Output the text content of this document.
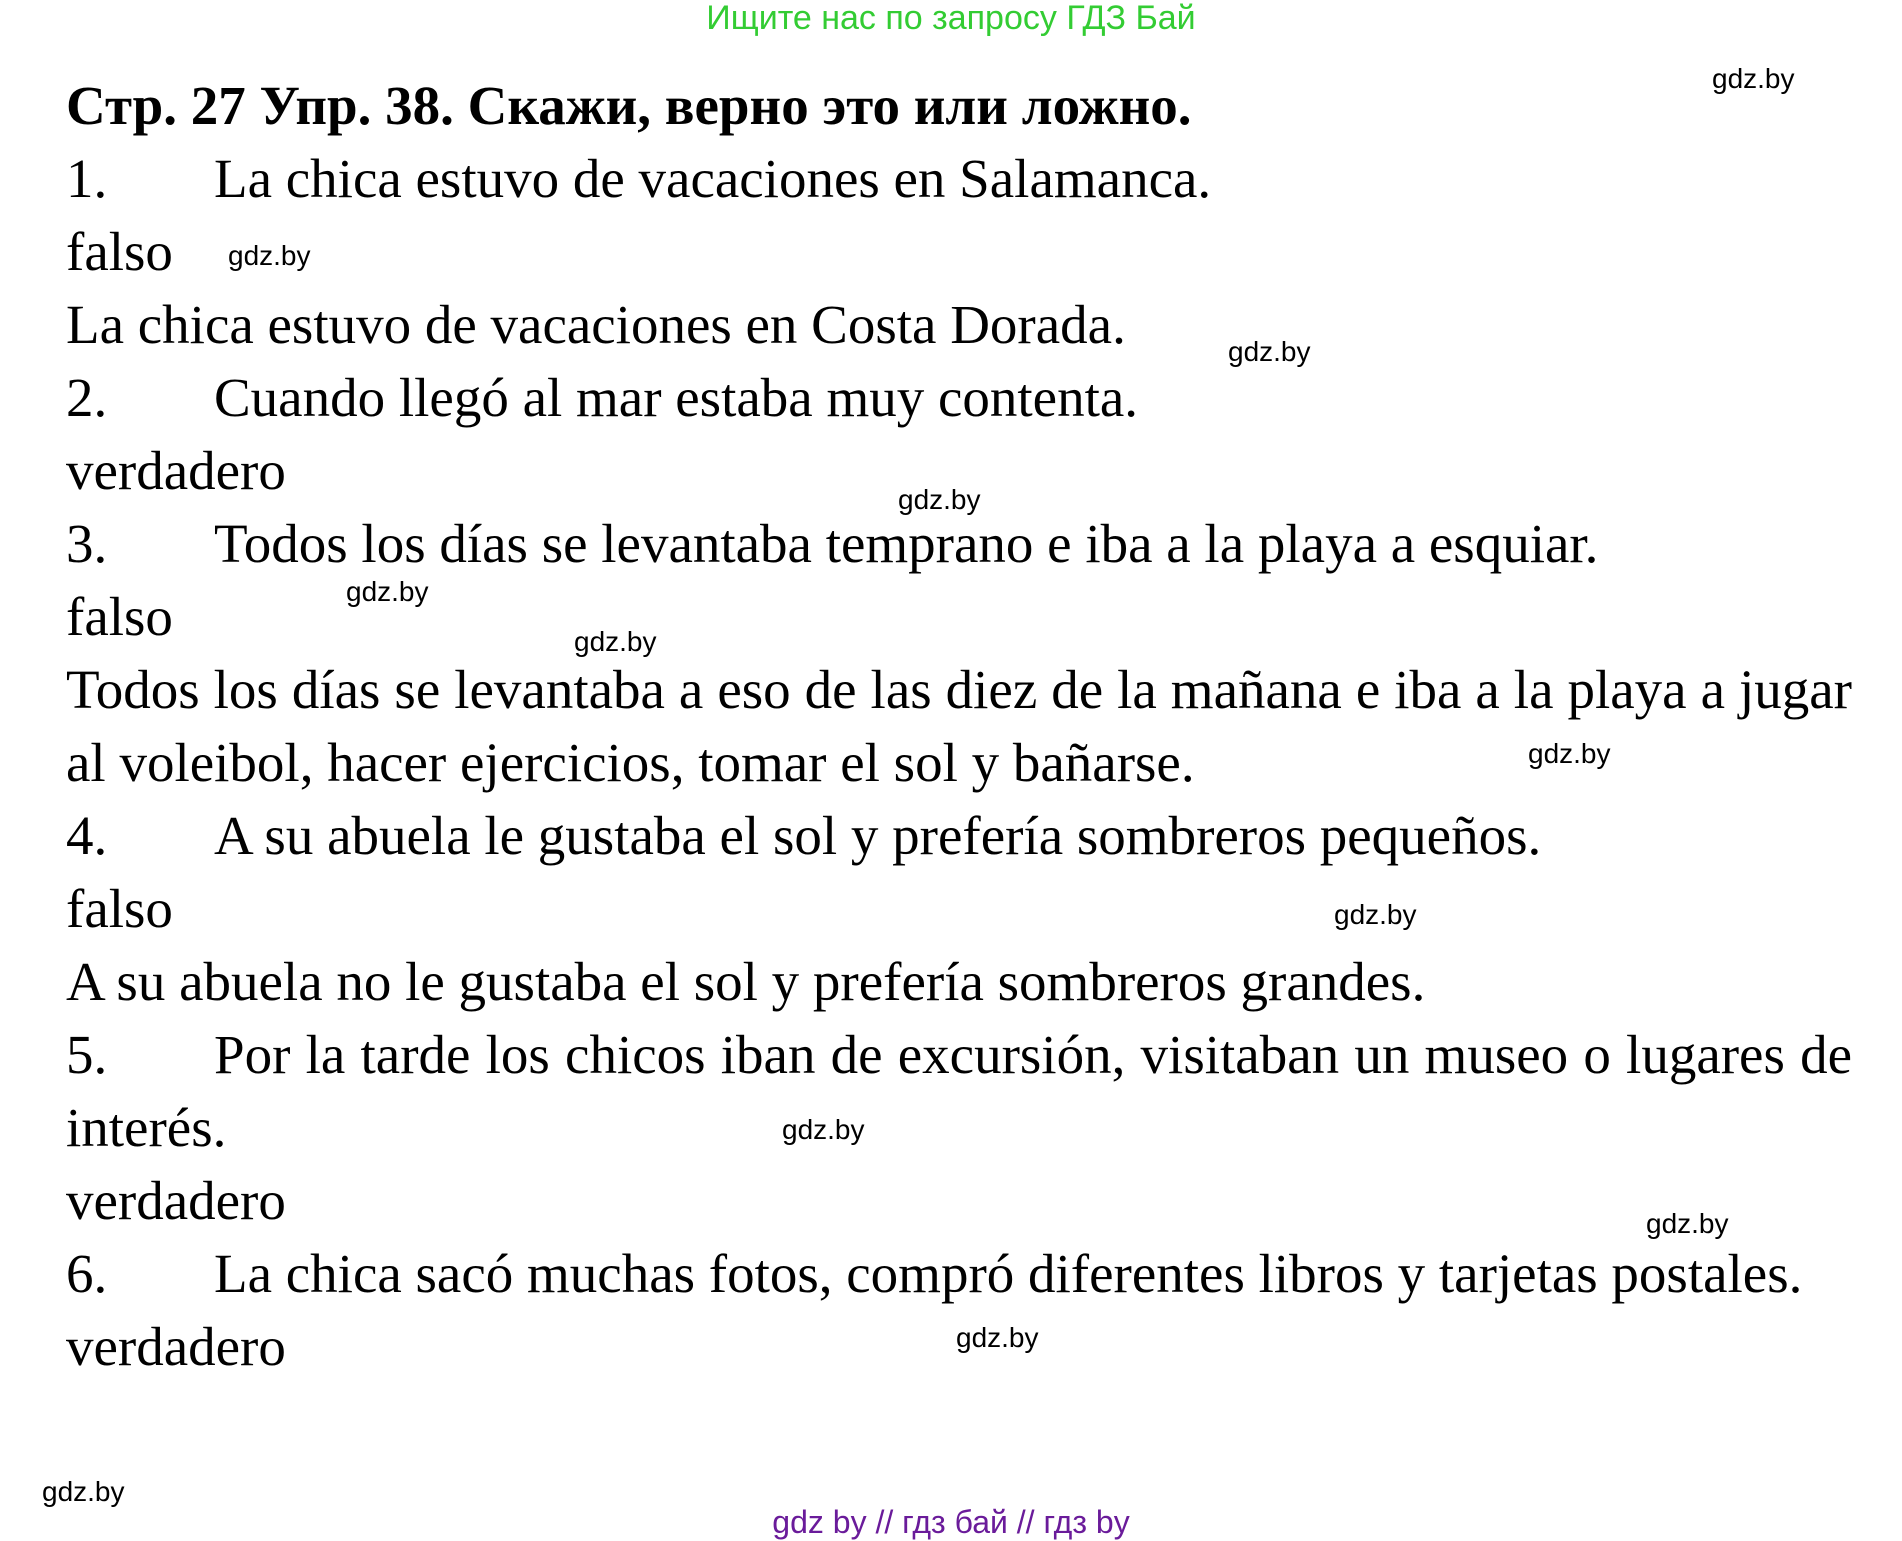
Ищите нас по запросу ГДЗ Бай

Стр. 27 Упр. 38. Скажи, верно это или ложно.

1. La chica estuvo de vacaciones en Salamanca.

falso

La chica estuvo de vacaciones en Costa Dorada.

2. Cuando llegó al mar estaba muy contenta.

verdadero

3. Todos los días se levantaba temprano e iba a la playa a esquiar.

falso

Todos los días se levantaba a eso de las diez de la mañana e iba a la playa a jugar al voleibol, hacer ejercicios, tomar el sol y bañarse.

4. A su abuela le gustaba el sol y prefería sombreros pequeños.

falso

A su abuela no le gustaba el sol y prefería sombreros grandes.

5. Por la tarde los chicos iban de excursión, visitaban un museo o lugares de interés.

verdadero

6. La chica sacó muchas fotos, compró diferentes libros y tarjetas postales.

verdadero

gdz.by
gdz.by
gdz.by
gdz.by
gdz.by
gdz.by
gdz.by
gdz.by
gdz.by
gdz.by
gdz.by
gdz.by
gdz by // гдз бай // гдз by
